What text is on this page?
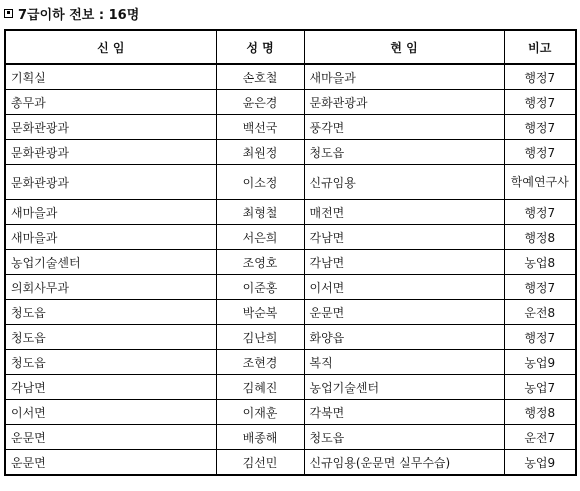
7급이하 전보 : 16명
신 임	성 명	현 임	비고
기획실	손호철	새마을과	행정7
총무과	윤은경	문화관광과	행정7
문화관광과	백선국	풍각면	행정7
문화관광과	최원정	청도읍	행정7
문화관광과	이소정	신규임용	학예연구사
새마을과	최형철	매전면	행정7
새마을과	서은희	각남면	행정8
농업기술센터	조영호	각남면	농업8
의회사무과	이준홍	이서면	행정7
청도읍	박순복	운문면	운전8
청도읍	김난희	화양읍	행정7
청도읍	조현경	복직	농업9
각남면	김혜진	농업기술센터	농업7
이서면	이재훈	각북면	행정8
운문면	배종해	청도읍	운전7
운문면	김선민	신규임용(운문면 실무수습)	농업9
